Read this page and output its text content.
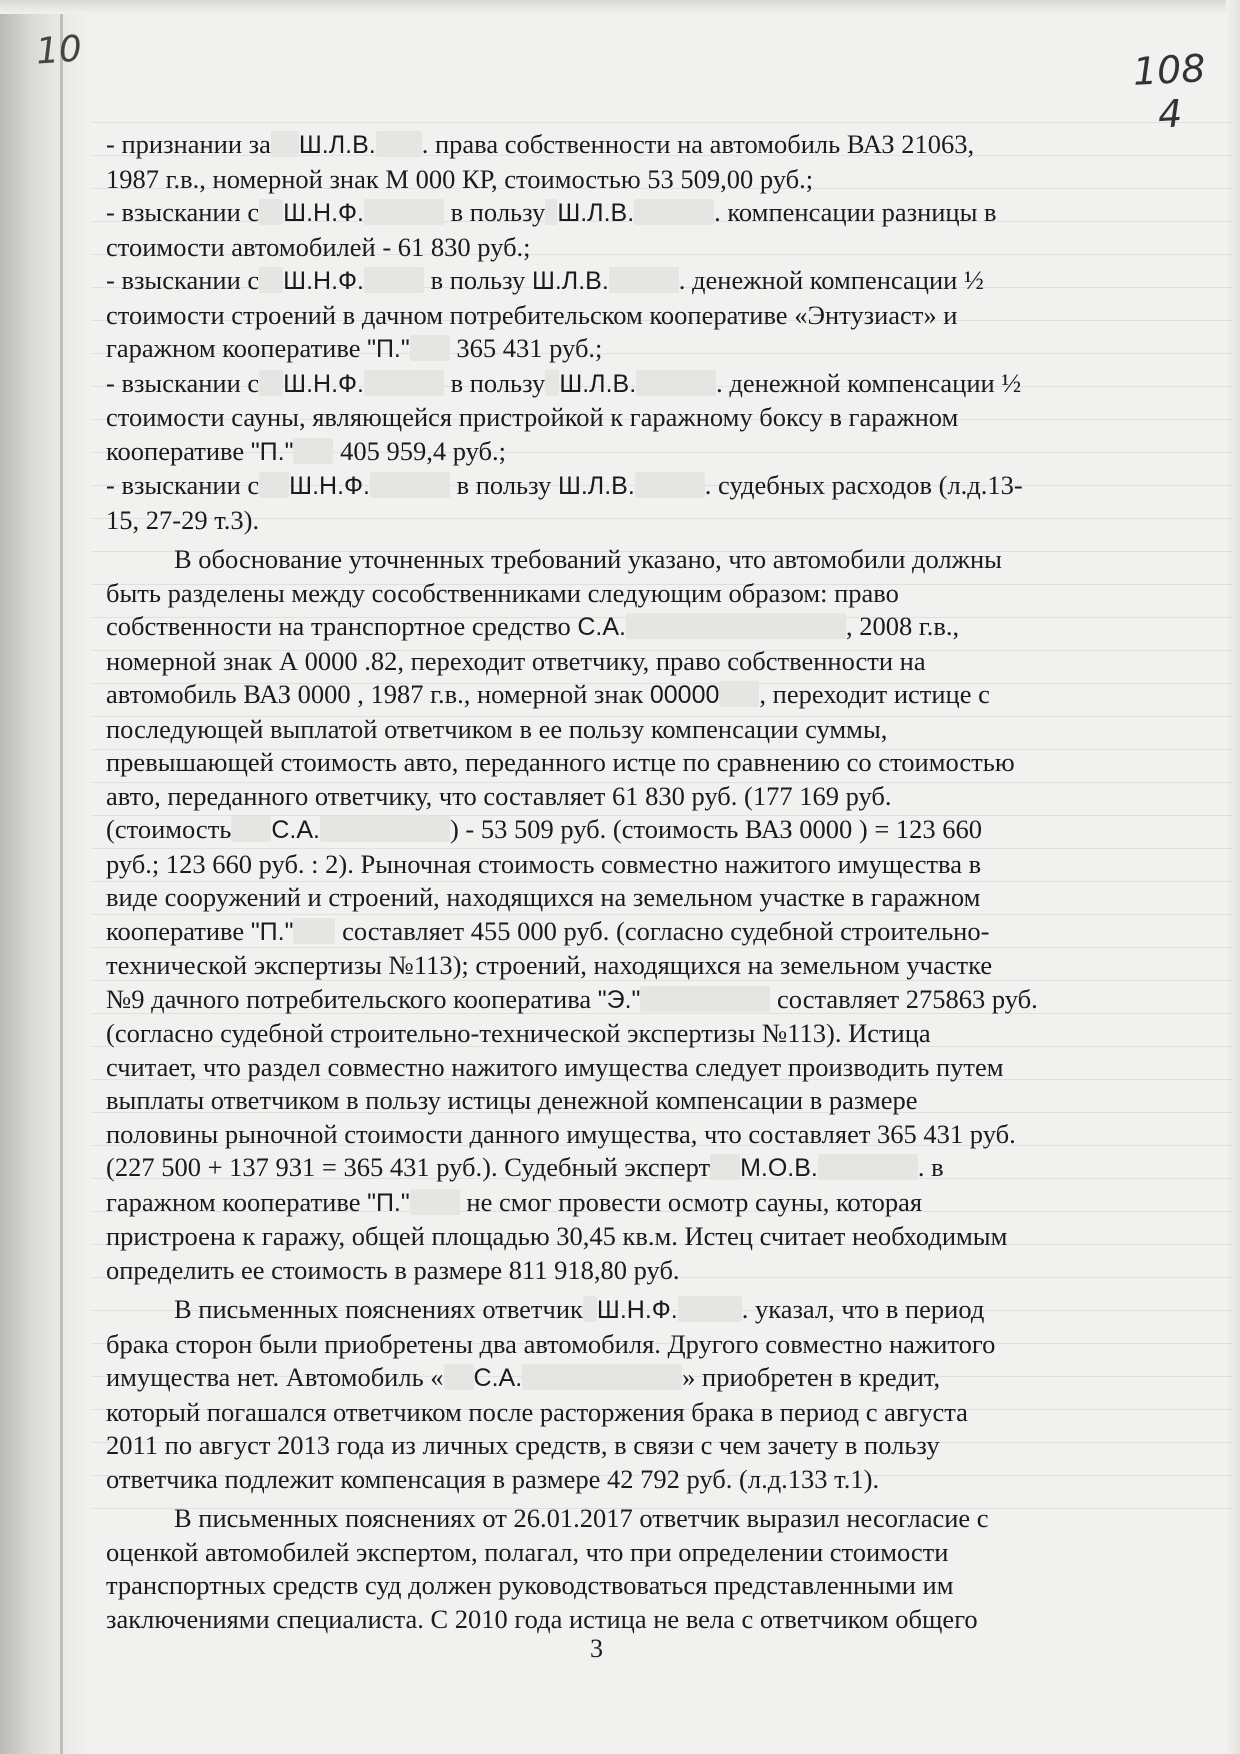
10	108
4

- признании за Ш.Л.В. . права собственности на автомобиль ВАЗ 21063,

1987 г.в., номерной знак М 000 КР, стоимостью 53 509,00 руб.;

- взыскании с Ш.Н.Ф.	в пользу Ш.Л.В.	. компенсации разницы в

стоимости автомобилей - 61 830 руб.;

- взыскании с Ш.Н.Ф.	в пользу Ш.Л.В.	. денежной компенсации ½

стоимости строений в дачном потребительском кооперативе «Энтузиаст» и

гаражном кооперативе "П." 365 431 руб.;

- взыскании с Ш.Н.Ф.	в пользу Ш.Л.В.	. денежной компенсации ½

стоимости сауны, являющейся пристройкой к гаражному боксу в гаражном

кооперативе "П." 405 959,4 руб.;

- взыскании с Ш.Н.Ф.	в пользу Ш.Л.В.	. судебных расходов (л.д.13-

15, 27-29 т.3).

В обоснование уточненных требований указано, что автомобили должны

быть разделены между сособственниками следующим образом: право

собственности на транспортное средство С.А.	, 2008 г.в.,

номерной знак А 0000 .82, переходит ответчику, право собственности на

автомобиль ВАЗ 0000 , 1987 г.в., номерной знак 00000 , переходит истице с

последующей выплатой ответчиком в ее пользу компенсации суммы,

превышающей стоимость авто, переданного истце по сравнению со стоимостью

авто, переданного ответчику, что составляет 61 830 руб. (177 169 руб.

(стоимость С.А.	) - 53 509 руб. (стоимость ВАЗ 0000 ) = 123 660

руб.; 123 660 руб. : 2). Рыночная стоимость совместно нажитого имущества в

виде сооружений и строений, находящихся на земельном участке в гаражном

кооперативе "П." составляет 455 000 руб. (согласно судебной строительно-

технической экспертизы №113); строений, находящихся на земельном участке

№9 дачного потребительского кооператива "Э."	составляет 275863 руб.

(согласно судебной строительно-технической экспертизы №113). Истица

считает, что раздел совместно нажитого имущества следует производить путем

выплаты ответчиком в пользу истицы денежной компенсации в размере

половины рыночной стоимости данного имущества, что составляет 365 431 руб.

(227 500 + 137 931 = 365 431 руб.). Судебный эксперт М.О.В.	. в

гаражном кооперативе "П." не смог провести осмотр сауны, которая

пристроена к гаражу, общей площадью 30,45 кв.м. Истец считает необходимым

определить ее стоимость в размере 811 918,80 руб.

В письменных пояснениях ответчик Ш.Н.Ф. . указал, что в период

брака сторон были приобретены два автомобиля. Другого совместно нажитого

имущества нет. Автомобиль « С.А.	» приобретен в кредит,

который погашался ответчиком после расторжения брака в период с августа

2011 по август 2013 года из личных средств, в связи с чем зачету в пользу

ответчика подлежит компенсация в размере 42 792 руб. (л.д.133 т.1).

В письменных пояснениях от 26.01.2017 ответчик выразил несогласие с

оценкой автомобилей экспертом, полагал, что при определении стоимости

транспортных средств суд должен руководствоваться представленными им

заключениями специалиста. С 2010 года истица не вела с ответчиком общего

3
